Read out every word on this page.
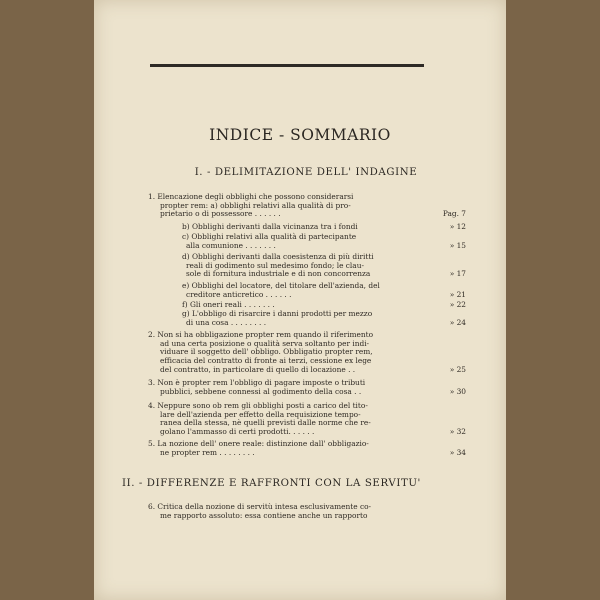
INDICE - SOMMARIO
I. - DELIMITAZIONE DELL' INDAGINE
II. - DIFFERENZE E RAFFRONTI CON LA SERVITU'
1. Elencazione degli obblighi che possono considerarsi
propter rem: a) obblighi relativi alla qualità di pro-
prietario o di possessore . . . . . .	Pag. 7
b) Obblighi derivanti dalla vicinanza tra i fondi	» 12
c) Obblighi relativi alla qualità di partecipante
alla comunione . . . . . . .	» 15
d) Obblighi derivanti dalla coesistenza di più diritti
reali di godimento sul medesimo fondo; le clau-
sole di fornitura industriale e di non concorrenza	» 17
e) Obblighi del locatore, del titolare dell'azienda, del
creditore anticretico . . . . . .	» 21
f) Gli oneri reali . . . . . . .	» 22
g) L'obbligo di risarcire i danni prodotti per mezzo
di una cosa . . . . . . . .	» 24
2. Non si ha obbligazione propter rem quando il riferimento
ad una certa posizione o qualità serva soltanto per indi-
viduare il soggetto dell' obbligo. Obbligatio propter rem,
efficacia del contratto di fronte ai terzi, cessione ex lege
del contratto, in particolare di quello di locazione . .	» 25
3. Non è propter rem l'obbligo di pagare imposte o tributi
pubblici, sebbene connessi al godimento della cosa . .	» 30
4. Neppure sono ob rem gli obblighi posti a carico del tito-
lare dell'azienda per effetto della requisizione tempo-
ranea della stessa, nè quelli previsti dalle norme che re-
golano l'ammasso di certi prodotti. . . . . .	» 32
5. La nozione dell' onere reale: distinzione dall' obbligazio-
ne propter rem . . . . . . . .	» 34
6. Critica della nozione di servitù intesa esclusivamente co-
me rapporto assoluto: essa contiene anche un rapporto
